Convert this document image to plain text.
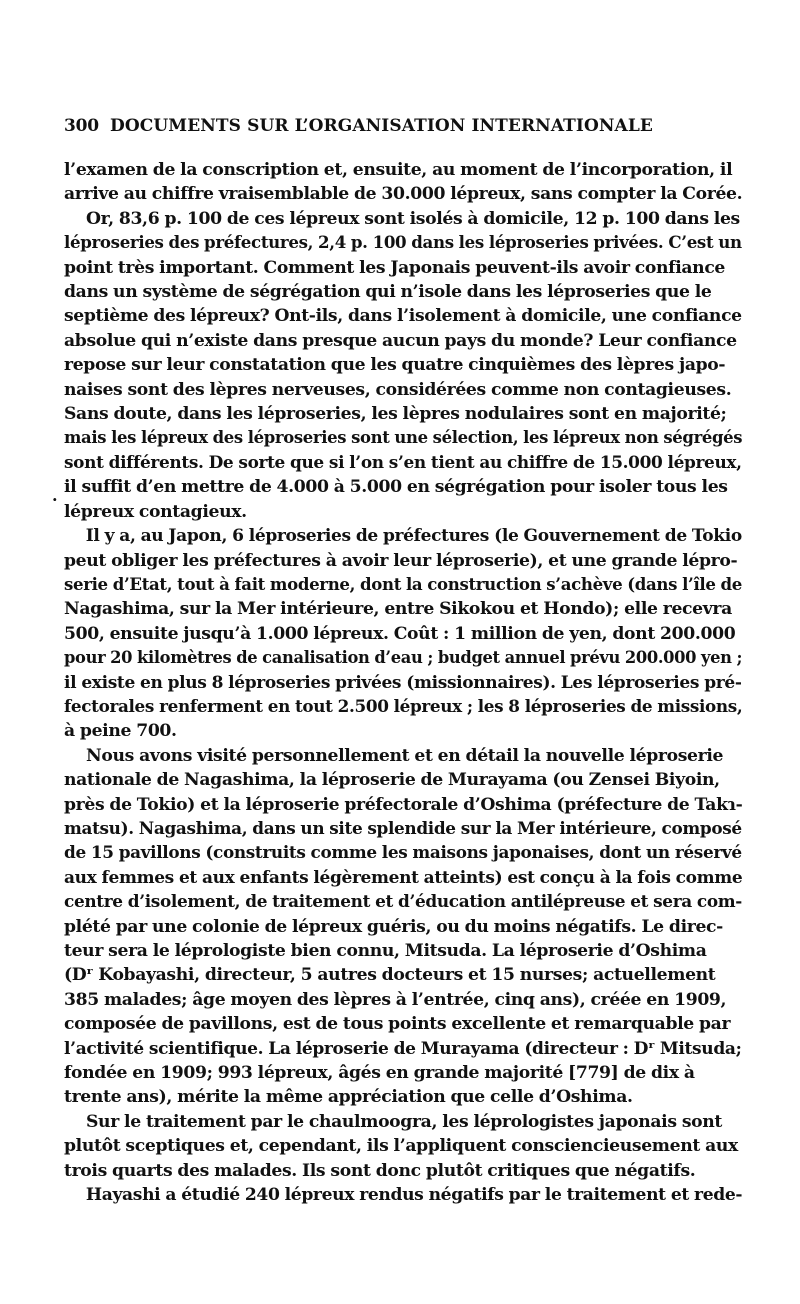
300 DOCUMENTS SUR L’ORGANISATION INTERNATIONALE
.
l’examen de la conscription et, ensuite, au moment de l’incorporation, il
arrive au chiffre vraisemblable de 30.000 lépreux, sans compter la Corée.
Or, 83,6 p. 100 de ces lépreux sont isolés à domicile, 12 p. 100 dans les
léproseries des préfectures, 2,4 p. 100 dans les léproseries privées. C’est un
point très important. Comment les Japonais peuvent-ils avoir confiance
dans un système de ségrégation qui n’isole dans les léproseries que le
septième des lépreux? Ont-ils, dans l’isolement à domicile, une confiance
absolue qui n’existe dans presque aucun pays du monde? Leur confiance
repose sur leur constatation que les quatre cinquièmes des lèpres japo-
naises sont des lèpres nerveuses, considérées comme non contagieuses.
Sans doute, dans les léproseries, les lèpres nodulaires sont en majorité;
mais les lépreux des léproseries sont une sélection, les lépreux non ségrégés
sont différents. De sorte que si l’on s’en tient au chiffre de 15.000 lépreux,
il suffit d’en mettre de 4.000 à 5.000 en ségrégation pour isoler tous les
lépreux contagieux.
Il y a, au Japon, 6 léproseries de préfectures (le Gouvernement de Tokio
peut obliger les préfectures à avoir leur léproserie), et une grande lépro-
serie d’Etat, tout à fait moderne, dont la construction s’achève (dans l’île de
Nagashima, sur la Mer intérieure, entre Sikokou et Hondo); elle recevra
500, ensuite jusqu’à 1.000 lépreux. Coût : 1 million de yen, dont 200.000
pour 20 kilomètres de canalisation d’eau ; budget annuel prévu 200.000 yen ;
il existe en plus 8 léproseries privées (missionnaires). Les léproseries pré-
fectorales renferment en tout 2.500 lépreux ; les 8 léproseries de missions,
à peine 700.
Nous avons visité personnellement et en détail la nouvelle léproserie
nationale de Nagashima, la léproserie de Murayama (ou Zensei Biyoin,
près de Tokio) et la léproserie préfectorale d’Oshima (préfecture de Takɿ-
matsu). Nagashima, dans un site splendide sur la Mer intérieure, composé
de 15 pavillons (construits comme les maisons japonaises, dont un réservé
aux femmes et aux enfants légèrement atteints) est conçu à la fois comme
centre d’isolement, de traitement et d’éducation antilépreuse et sera com-
plété par une colonie de lépreux guéris, ou du moins négatifs. Le direc-
teur sera le léprologiste bien connu, Mitsuda. La léproserie d’Oshima
(Dʳ Kobayashi, directeur, 5 autres docteurs et 15 nurses; actuellement
385 malades; âge moyen des lèpres à l’entrée, cinq ans), créée en 1909,
composée de pavillons, est de tous points excellente et remarquable par
l’activité scientifique. La léproserie de Murayama (directeur : Dʳ Mitsuda;
fondée en 1909; 993 lépreux, âgés en grande majorité [779] de dix à
trente ans), mérite la même appréciation que celle d’Oshima.
Sur le traitement par le chaulmoogra, les léprologistes japonais sont
plutôt sceptiques et, cependant, ils l’appliquent consciencieusement aux
trois quarts des malades. Ils sont donc plutôt critiques que négatifs.
Hayashi a étudié 240 lépreux rendus négatifs par le traitement et rede-
